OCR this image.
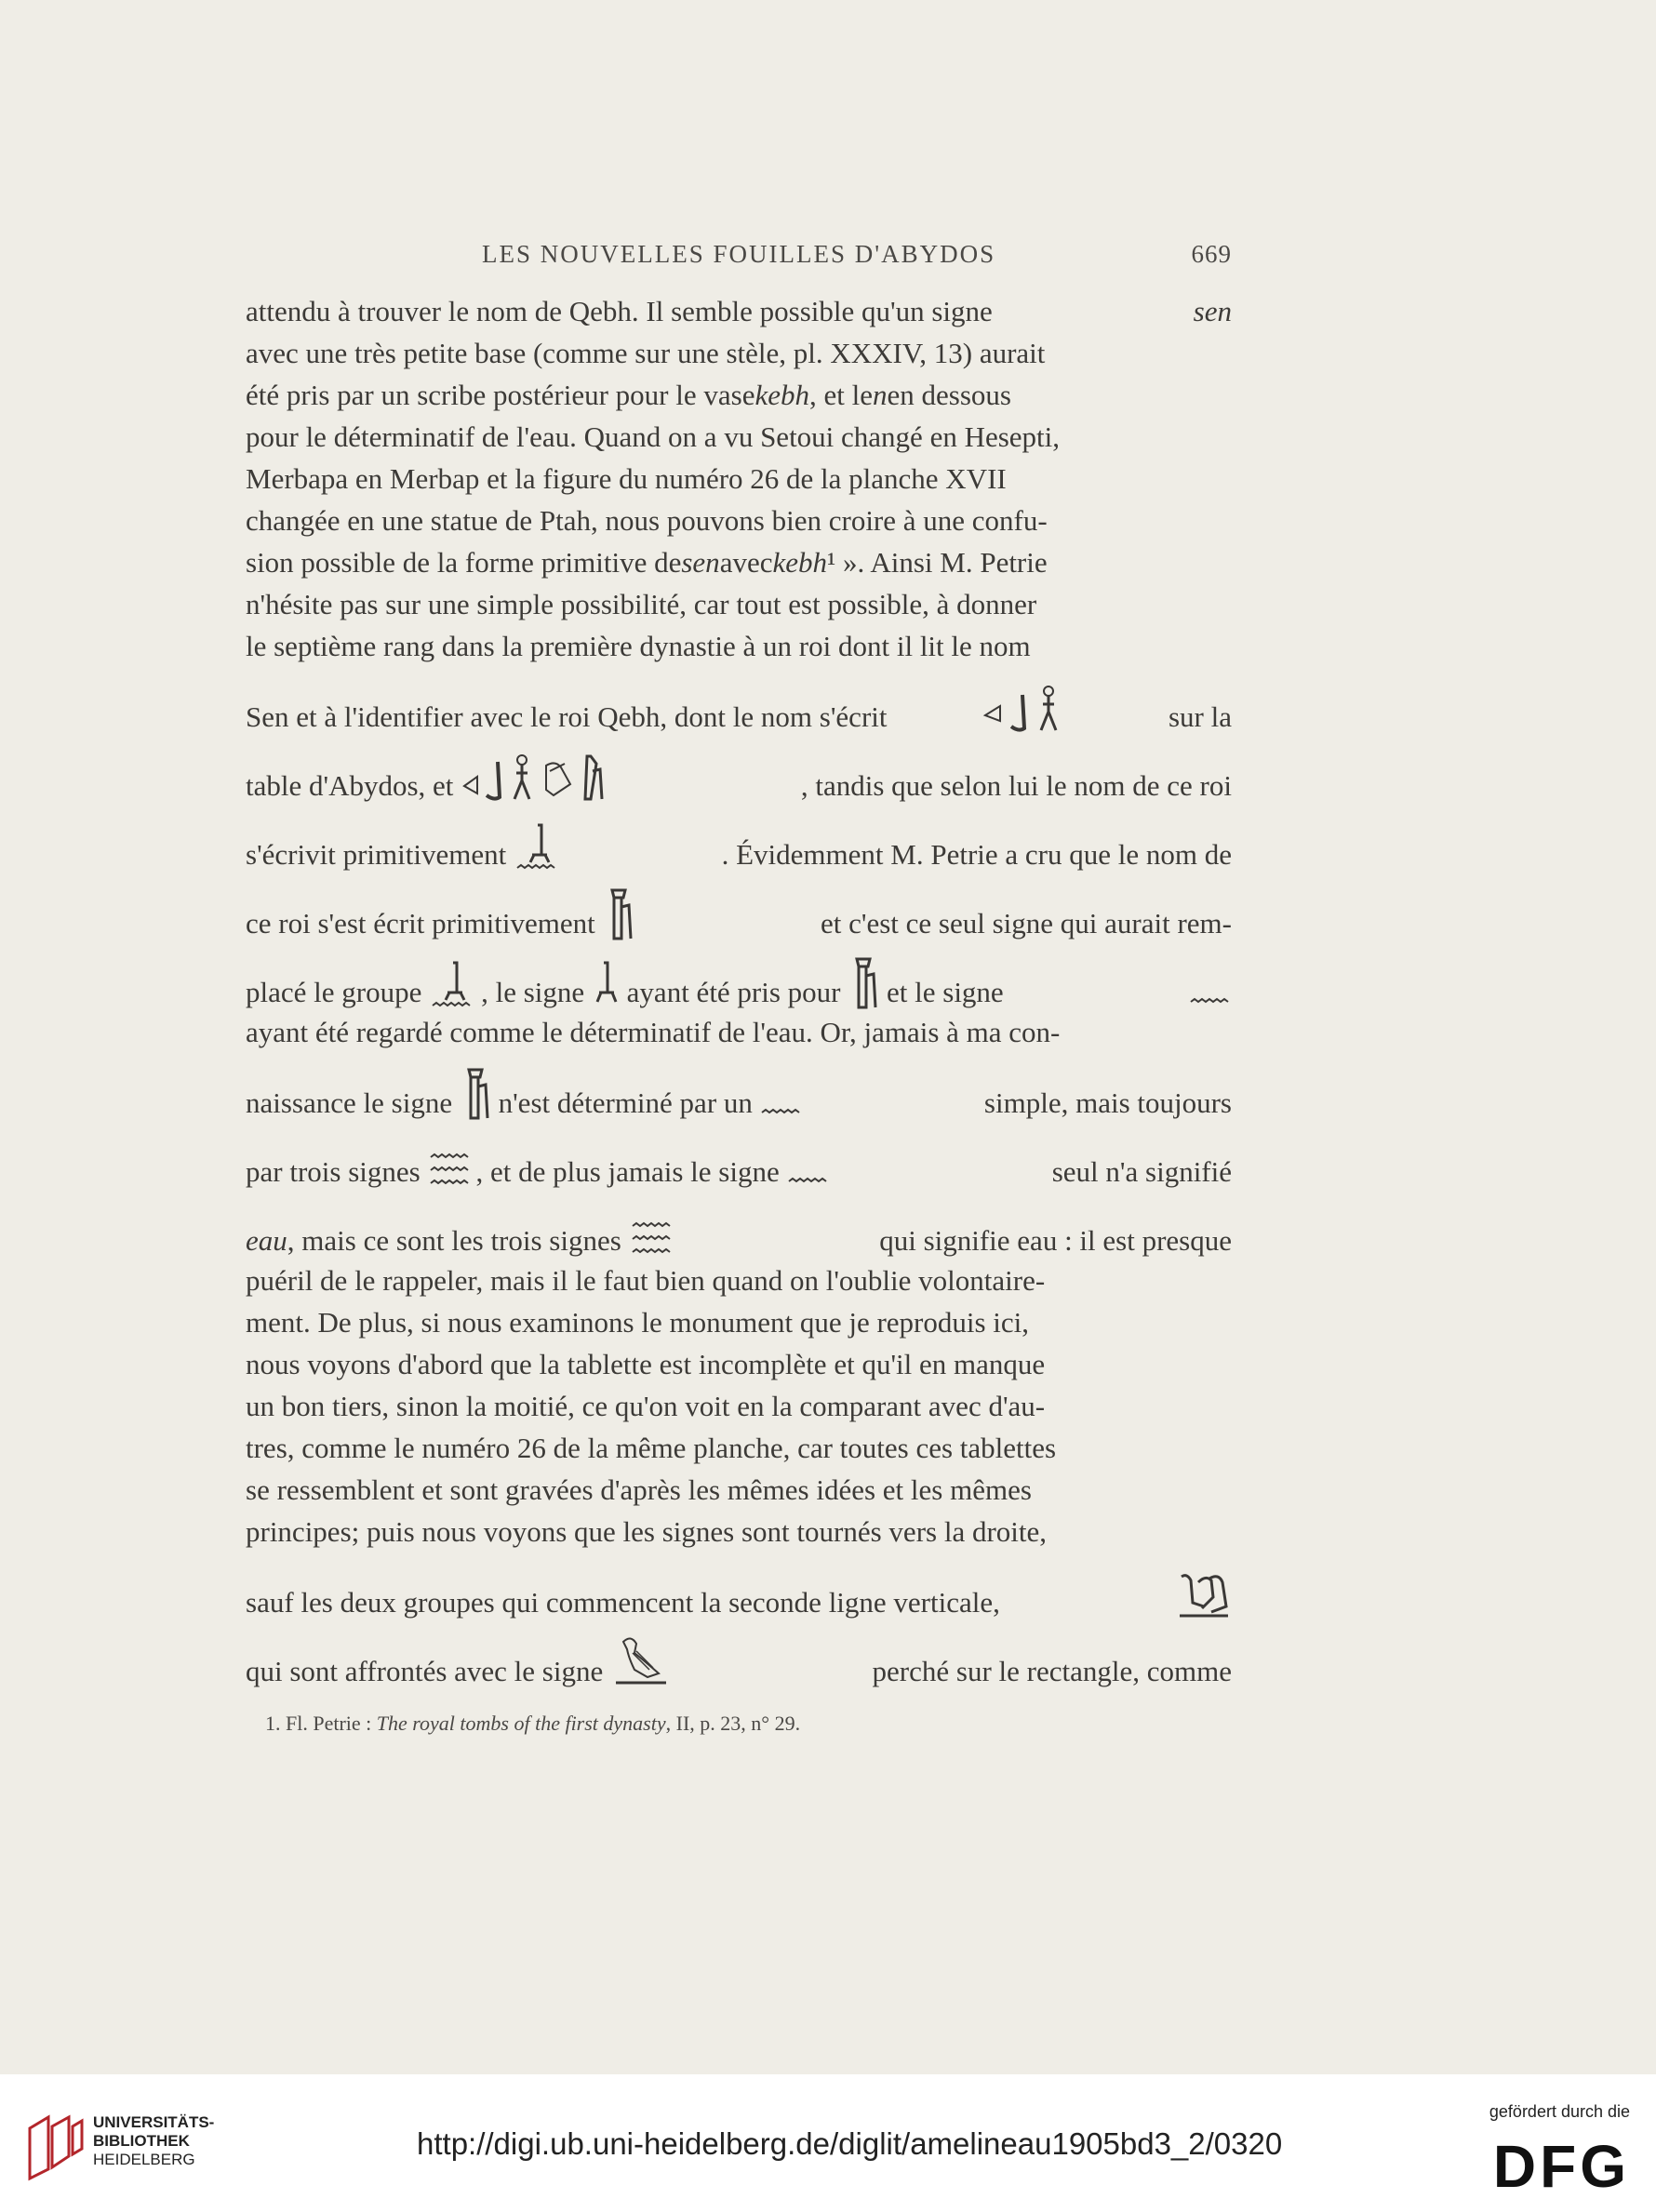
LES NOUVELLES FOUILLES D'ABYDOS	669
attendu à trouver le nom de Qebh. Il semble possible qu'un signe	sen
avec une très petite base (comme sur une stèle, pl. XXXIV, 13) aurait
été pris par un scribe postérieur pour le vasekebh, et lenen dessous
pour le déterminatif de l'eau. Quand on a vu Setoui changé en Hesepti,
Merbapa en Merbap et la figure du numéro 26 de la planche XVII
changée en une statue de Ptah, nous pouvons bien croire à une confu-
sion possible de la forme primitive desenaveckebh¹ ». Ainsi M. Petrie
n'hésite pas sur une simple possibilité, car tout est possible, à donner
le septième rang dans la première dynastie à un roi dont il lit le nom
Sen et à l'identifier avec le roi Qebh, dont le nom s'écrit	sur la
table d'Abydos, et	, tandis que selon lui le nom de ce roi
s'écrivit primitivement	. Évidemment M. Petrie a cru que le nom de
ce roi s'est écrit primitivement	et c'est ce seul signe qui aurait rem-
placé le groupe , le signe ayant été pris pour et le signe
ayant été regardé comme le déterminatif de l'eau. Or, jamais à ma con-
naissance le signe n'est déterminé par un	simple, mais toujours
par trois signes , et de plus jamais le signe	seul n'a signifié
eau, mais ce sont les trois signes	qui signifie eau : il est presque
puéril de le rappeler, mais il le faut bien quand on l'oublie volontaire-
ment. De plus, si nous examinons le monument que je reproduis ici,
nous voyons d'abord que la tablette est incomplète et qu'il en manque
un bon tiers, sinon la moitié, ce qu'on voit en la comparant avec d'au-
tres, comme le numéro 26 de la même planche, car toutes ces tablettes
se ressemblent et sont gravées d'après les mêmes idées et les mêmes
principes; puis nous voyons que les signes sont tournés vers la droite,
sauf les deux groupes qui commencent la seconde ligne verticale,
qui sont affrontés avec le signe	perché sur le rectangle, comme
1. Fl. Petrie : The royal tombs of the first dynasty, II, p. 23, n° 29.
UNIVERSITÄTS-
BIBLIOTHEK
HEIDELBERG	http://digi.ub.uni-heidelberg.de/diglit/amelineau1905bd3_2/0320
gefördert durch die
DFG
